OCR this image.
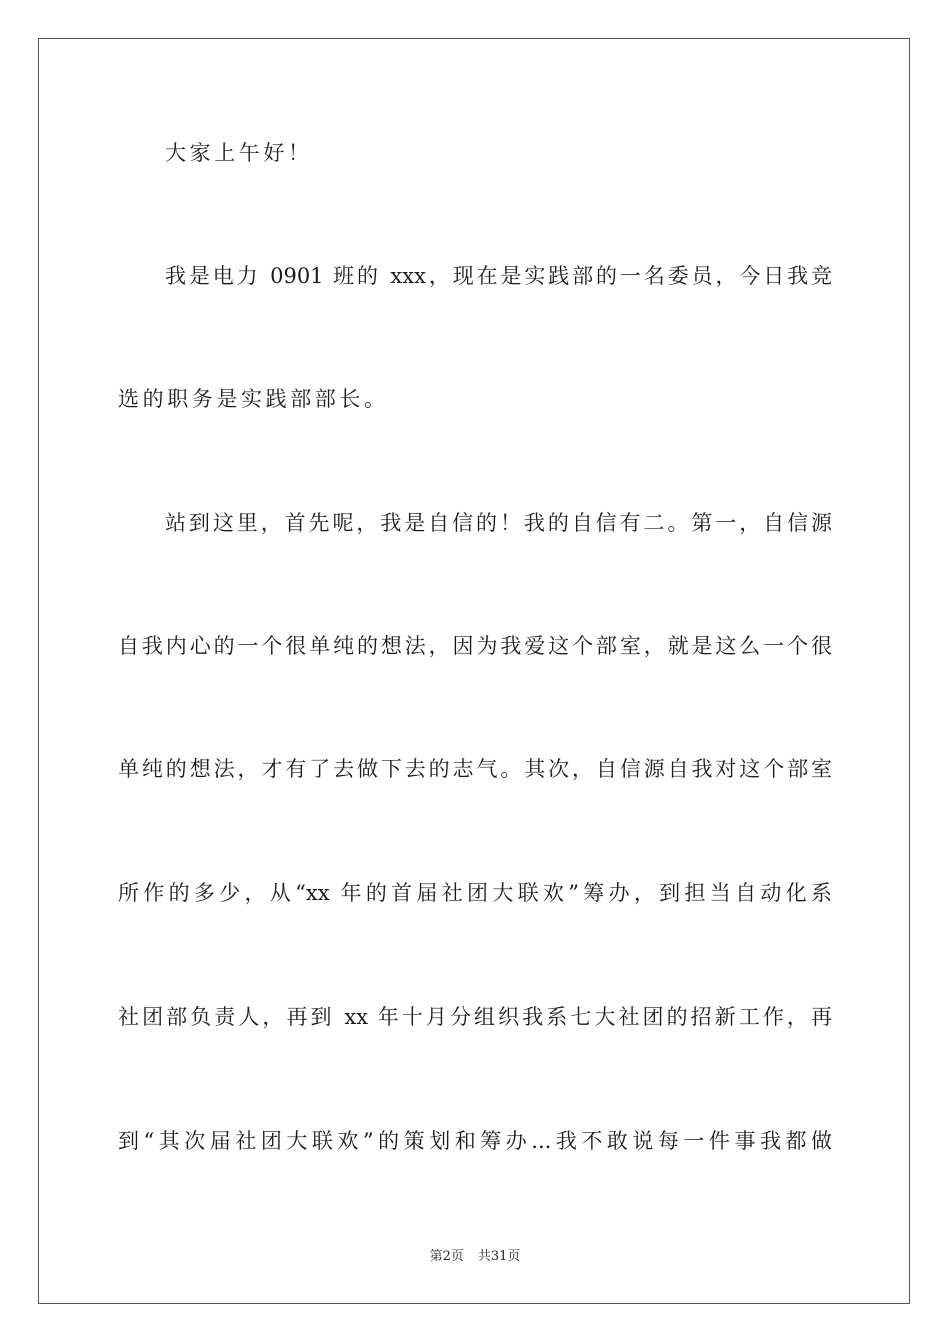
大家上午好！
我是电力 0901 班的 xxx，现在是实践部的一名委员，今日我竞
选的职务是实践部部长。
站到这里，首先呢，我是自信的！我的自信有二。第一，自信源
自我内心的一个很单纯的想法，因为我爱这个部室，就是这么一个很
单纯的想法，才有了去做下去的志气。其次，自信源自我对这个部室
所作的多少，从“xx 年的首届社团大联欢”筹办，到担当自动化系
社团部负责人，再到 xx 年十月分组织我系七大社团的招新工作，再
到“其次届社团大联欢”的策划和筹办...我不敢说每一件事我都做
第2页 共31页
